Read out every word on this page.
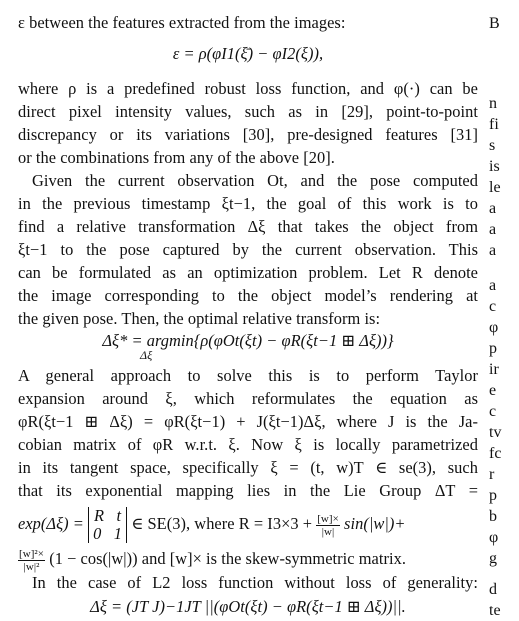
ε between the features extracted from the images:
ε = ρ(φI1(ξ̄) − φI2(ξ)),
where ρ is a predefined robust loss function, and φ(·) can be
direct pixel intensity values, such as in [29], point-to-point
discrepancy or its variations [30], pre-designed features [31]
or the combinations from any of the above [20].
Given the current observation Ot, and the pose computed
in the previous timestamp ξt−1, the goal of this work is to
find a relative transformation Δξ that takes the object from
ξt−1 to the pose captured by the current observation. This
can be formulated as an optimization problem. Let R denote
the image corresponding to the object model’s rendering at
the given pose. Then, the optimal relative transform is:
Δξ* = argmin{ρ(φOt(ξt) − φR(ξt−1 ⊞ Δξ))}
Δξ
A general approach to solve this is to perform Taylor
expansion around ξ, which reformulates the equation as
φR(ξt−1 ⊞ Δξ) = φR(ξt−1) + J(ξt−1)Δξ, where J is the Ja-
cobian matrix of φR w.r.t. ξ. Now ξ is locally parametrized
in its tangent space, specifically ξ = (t, w)T ∈ se(3), such
that its exponential mapping lies in the Lie Group ΔT =
exp(Δξ) = R t
0 1 ∈ SE(3), where $R = I3\times 3 + \frac{[w]\times}{|w|} \sin(|w|)+$
$\frac{\text{[w]²×}}{\text{|w|²}} (1 - \cos(|w|))$ and [w]× is the skew-symmetric matrix.
In the case of L2 loss function without loss of generality:
Δξ = (JT J)−1JT ||(φOt(ξt) − φR(ξt−1 ⊞ Δξ))||.
B
n
fi
s
is
le
a
a
a
a
c
φ
p
ir
e
c
tv
fc
r
p
b
φ
g
d
te
